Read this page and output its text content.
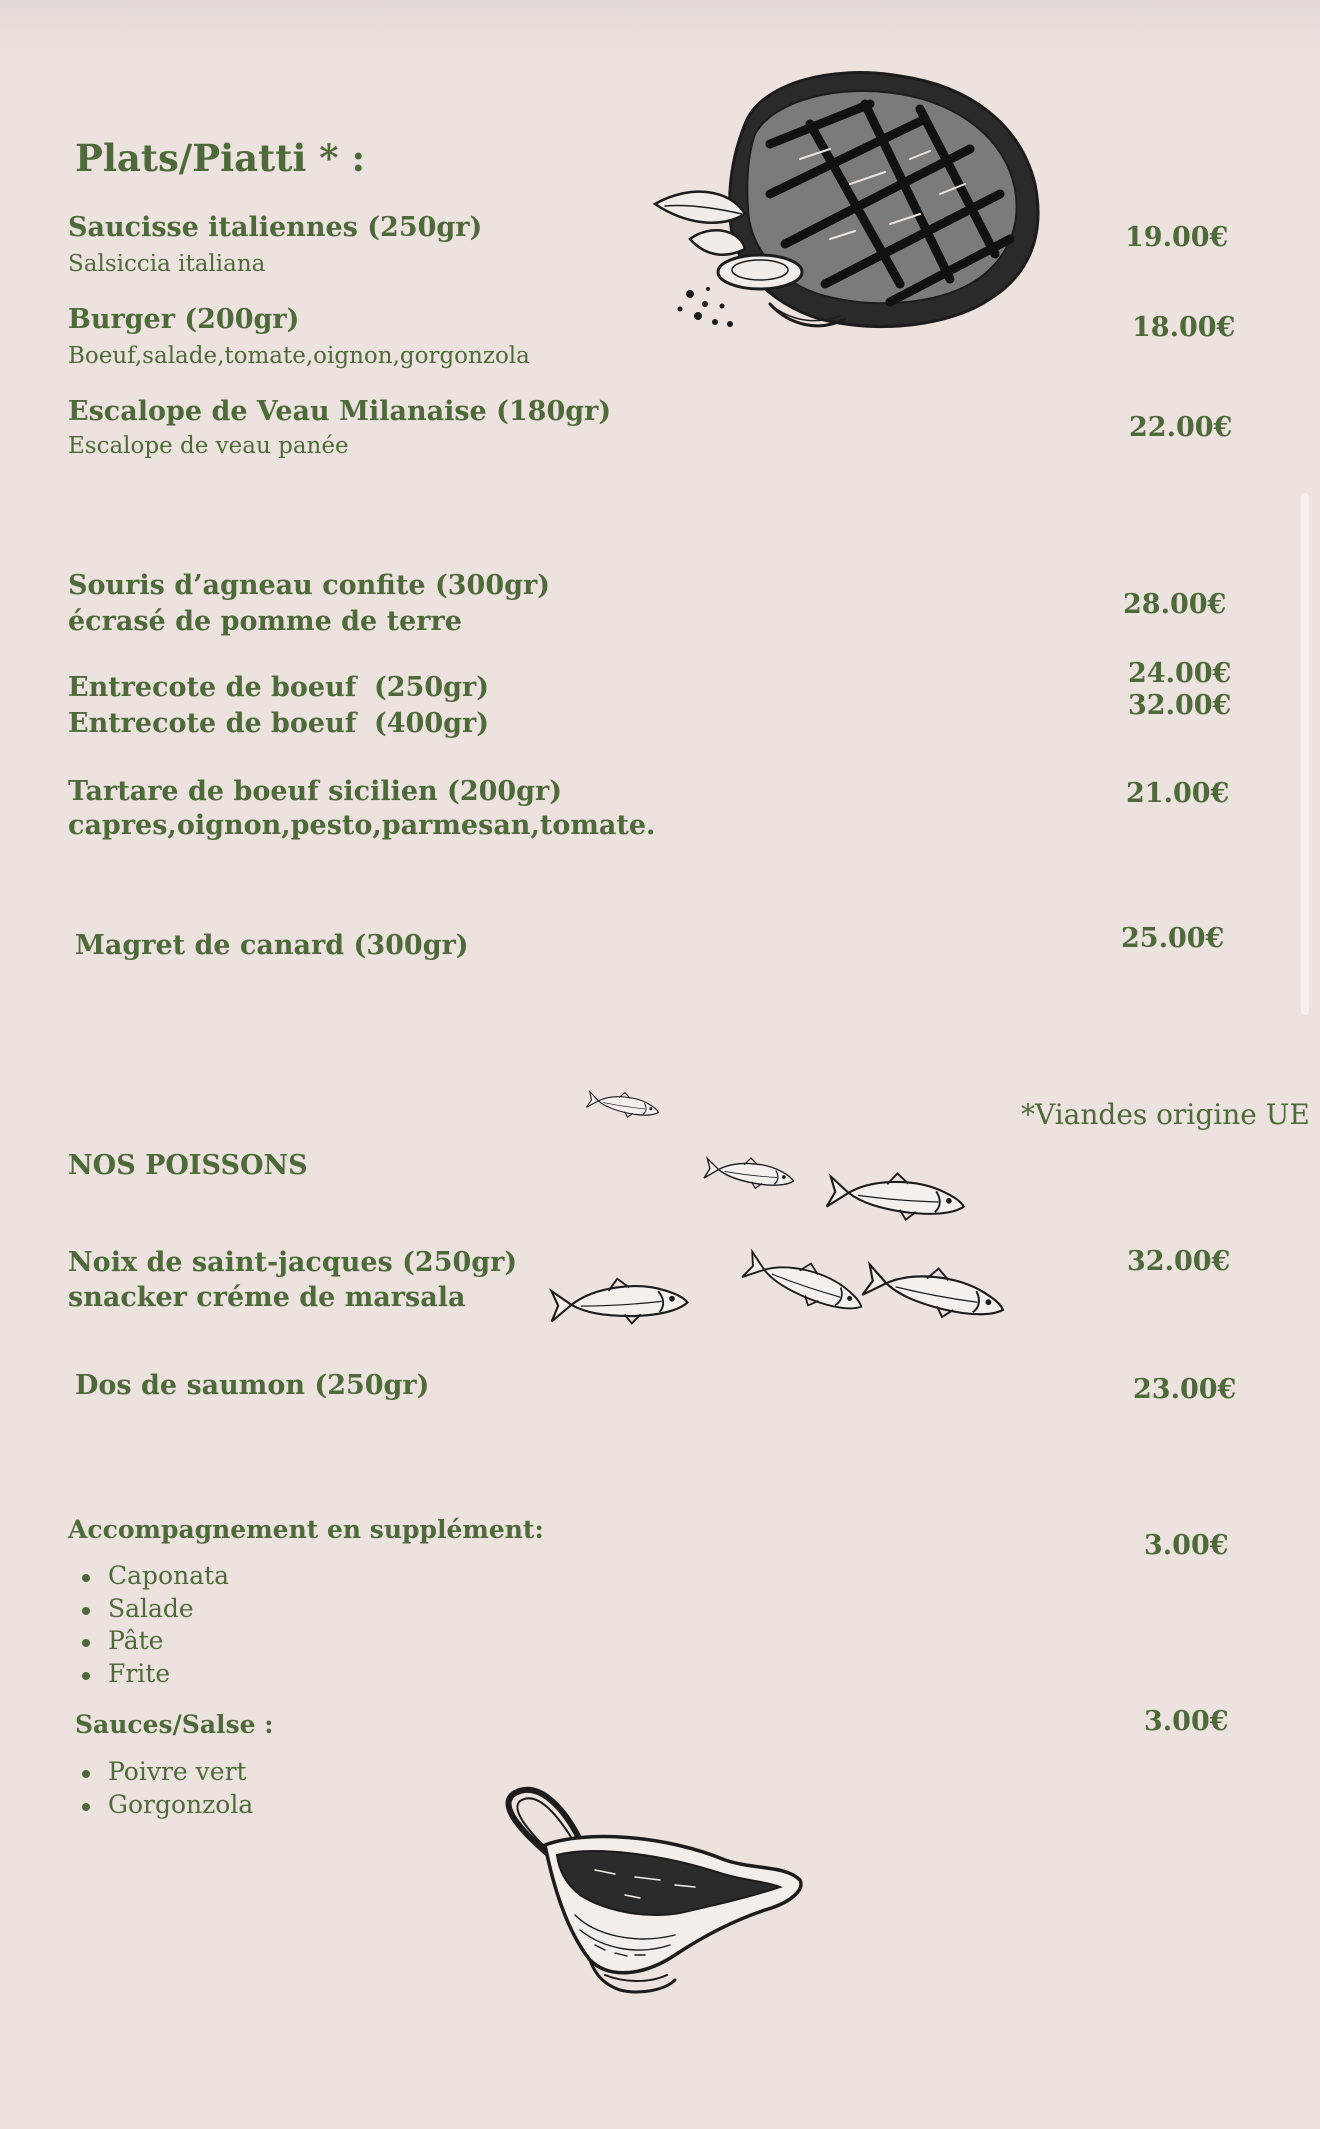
Plats/Piatti * :
Saucisse italiennes (250gr)
Salsiccia italiana
19.00€
Burger (200gr)
Boeuf,salade,tomate,oignon,gorgonzola
18.00€
Escalope de Veau Milanaise (180gr)
Escalope de veau panée
22.00€
Souris d’agneau confite (300gr)
écrasé de pomme de terre
28.00€
Entrecote de boeuf (250gr)
Entrecote de boeuf (400gr)
24.00€
32.00€
Tartare de boeuf sicilien (200gr)
capres,oignon,pesto,parmesan,tomate.
21.00€
Magret de canard (300gr)	25.00€
*Viandes origine UE
NOS POISSONS
Noix de saint-jacques (250gr)
snacker créme de marsala
32.00€
Dos de saumon (250gr)	23.00€
Accompagnement en supplément:
3.00€
Caponata
Salade
Pâte
Frite
Sauces/Salse :	3.00€
Poivre vert
Gorgonzola
